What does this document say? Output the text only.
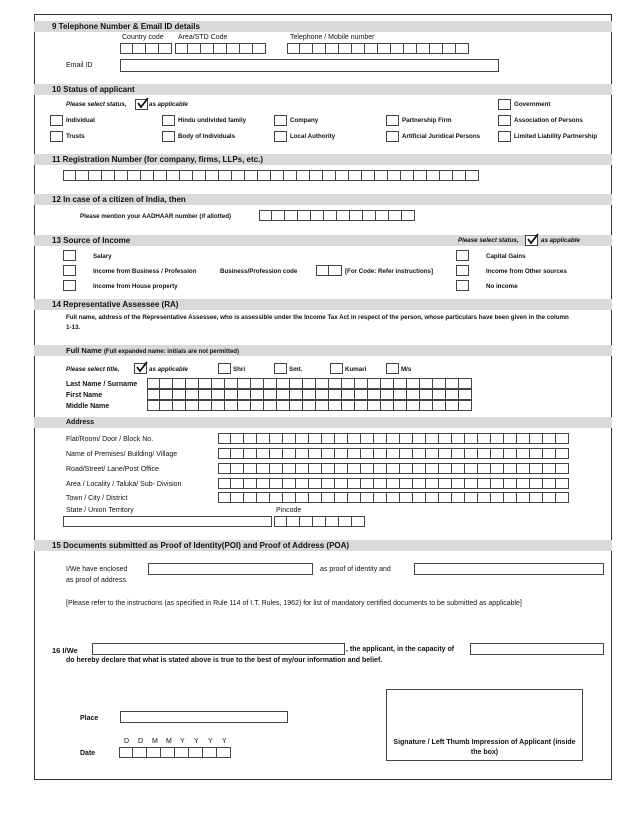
9 Telephone Number & Email ID details
Country code Area/STD Code	Telephone / Mobile number
Email ID
10 Status of applicant
Please select status,	as applicable	Government
Individual	Hindu undivided family	Company	Partnership Firm	Association of Persons
Trusts	Body of Individuals	Local Authority	Artificial Juridical Persons	Limited Liability Partnership
11 Registration Number (for company, firms, LLPs, etc.)
12 In case of a citizen of India, then
Please mention your AADHAAR number (if allotted)
13 Source of Income	Please select status,	as applicable
Salary	Capital Gains
Income from Business / Profession	Business/Profession code	[For Code: Refer instructions]	Income from Other sources
Income from House property	No income
14 Representative Assessee (RA)
Full name, address of the Representative Assessee, who is assessible under the Income Tax Act in respect of the person, whose particulars have been given in the column
1-13.
Full Name (Full expanded name: initials are not permitted)
Please select title,	as applicable	Shri	Smt.	Kumari	M/s
Last Name / Surname
First Name
Middle Name
Address
Flat/Room/ Door / Block No.
Name of Premises/ Building/ Village
Road/Street/ Lane/Post Office
Area / Locality / Taluka/ Sub- Division
Town / City / District
State / Union Territory	Pincode
15 Documents submitted as Proof of Identity(POI) and Proof of Address (POA)
I/We have enclosed	as proof of identity and
as proof of address.
[Please refer to the instructions (as specified in Rule 114 of I.T. Rules, 1962) for list of mandatory certified documents to be submitted as applicable]
16 I/We	, the applicant, in the capacity of
do hereby declare that what is stated above is true to the best of my/our information and belief.
Place
D D M M Y Y Y Y
Date
Signature / Left Thumb Impression of Applicant (inside the box)
